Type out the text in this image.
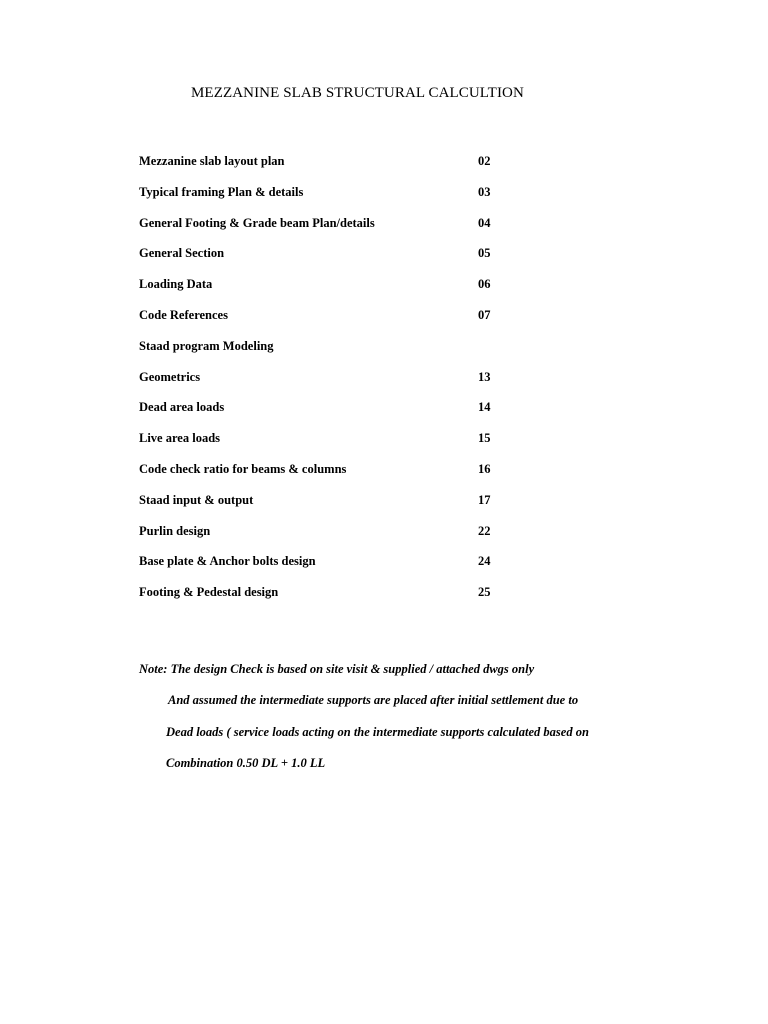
MEZZANINE SLAB STRUCTURAL CALCULTION
Mezzanine slab layout plan	02
Typical framing Plan & details	03
General Footing & Grade beam Plan/details	04
General Section	05
Loading Data	06
Code References	07
Staad program Modeling
Geometrics	13
Dead area loads	14
Live area loads	15
Code check ratio for beams & columns	16
Staad input & output	17
Purlin design	22
Base plate & Anchor bolts design	24
Footing & Pedestal design	25
Note: The design Check is based on site visit & supplied / attached dwgs only
And assumed the intermediate supports are placed after initial settlement due to
Dead loads ( service loads acting on the intermediate supports calculated based on
Combination 0.50 DL + 1.0 LL
